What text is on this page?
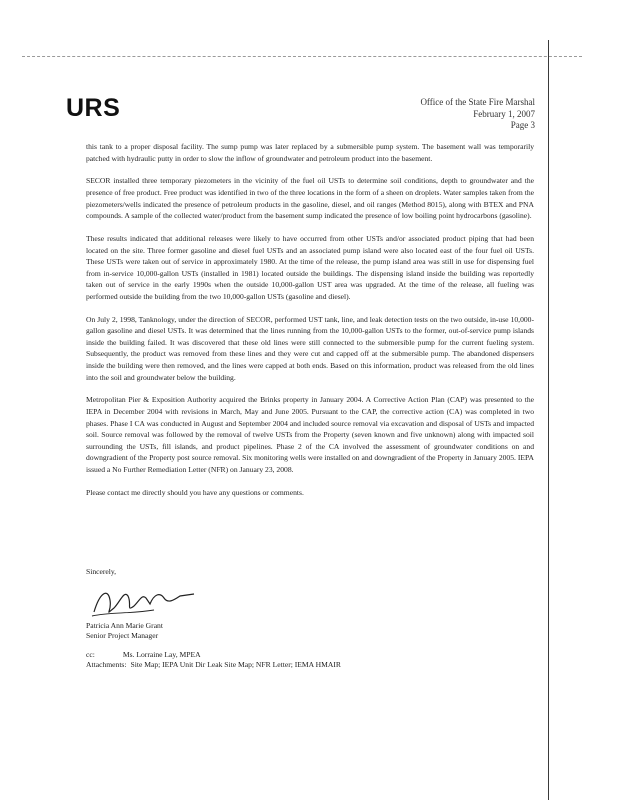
URS	Office of the State Fire Marshal
February 1, 2007
Page 3

this tank to a proper disposal facility. The sump pump was later replaced by a submersible pump system. The basement wall was temporarily patched with hydraulic putty in order to slow the inflow of groundwater and petroleum product into the basement.

SECOR installed three temporary piezometers in the vicinity of the fuel oil USTs to determine soil conditions, depth to groundwater and the presence of free product. Free product was identified in two of the three locations in the form of a sheen on droplets. Water samples taken from the piezometers/wells indicated the presence of petroleum products in the gasoline, diesel, and oil ranges (Method 8015), along with BTEX and PNA compounds. A sample of the collected water/product from the basement sump indicated the presence of low boiling point hydrocarbons (gasoline).

These results indicated that additional releases were likely to have occurred from other USTs and/or associated product piping that had been located on the site. Three former gasoline and diesel fuel USTs and an associated pump island were also located east of the four fuel oil USTs. These USTs were taken out of service in approximately 1980. At the time of the release, the pump island area was still in use for dispensing fuel from in-service 10,000-gallon USTs (installed in 1981) located outside the buildings. The dispensing island inside the building was reportedly taken out of service in the early 1990s when the outside 10,000-gallon UST area was upgraded. At the time of the release, all fueling was performed outside the building from the two 10,000-gallon USTs (gasoline and diesel).

On July 2, 1998, Tanknology, under the direction of SECOR, performed UST tank, line, and leak detection tests on the two outside, in-use 10,000-gallon gasoline and diesel USTs. It was determined that the lines running from the 10,000-gallon USTs to the former, out-of-service pump islands inside the building failed. It was discovered that these old lines were still connected to the submersible pump for the current fueling system. Subsequently, the product was removed from these lines and they were cut and capped off at the submersible pump. The abandoned dispensers inside the building were then removed, and the lines were capped at both ends. Based on this information, product was released from the old lines into the soil and groundwater below the building.

Metropolitan Pier & Exposition Authority acquired the Brinks property in January 2004. A Corrective Action Plan (CAP) was presented to the IEPA in December 2004 with revisions in March, May and June 2005. Pursuant to the CAP, the corrective action (CA) was completed in two phases. Phase I CA was conducted in August and September 2004 and included source removal via excavation and disposal of USTs and impacted soil. Source removal was followed by the removal of twelve USTs from the Property (seven known and five unknown) along with impacted soil surrounding the USTs, fill islands, and product pipelines. Phase 2 of the CA involved the assessment of groundwater conditions on and downgradient of the Property post source removal. Six monitoring wells were installed on and downgradient of the Property in January 2005. IEPA issued a No Further Remediation Letter (NFR) on January 23, 2008.

Please contact me directly should you have any questions or comments.

Sincerely,
Patricia Ann Marie Grant
Senior Project Manager
cc:	Ms. Lorraine Lay, MPEA
Attachments: Site Map; IEPA Unit Dir Leak Site Map; NFR Letter; IEMA HMAIR
